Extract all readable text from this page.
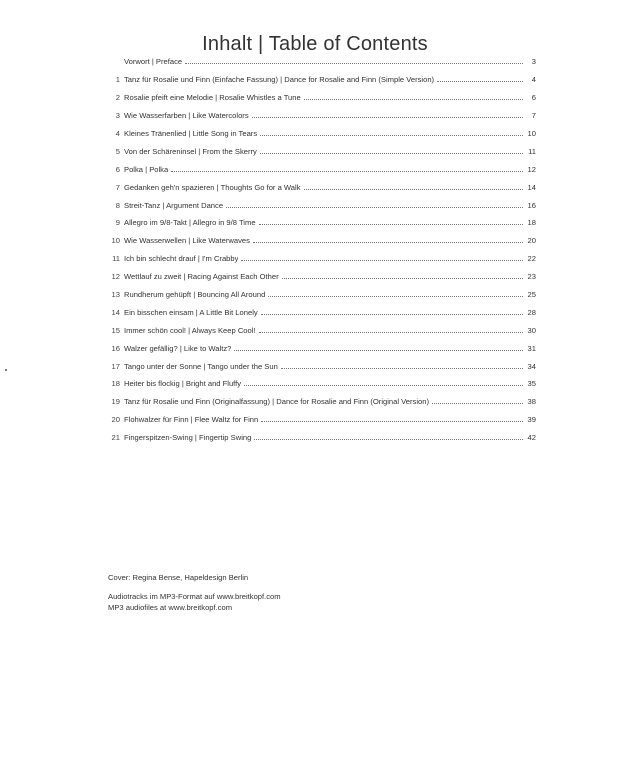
Inhalt | Table of Contents
Vorwort | Preface	3
1 Tanz für Rosalie und Finn (Einfache Fassung) | Dance for Rosalie and Finn (Simple Version)	4
2 Rosalie pfeift eine Melodie | Rosalie Whistles a Tune	6
3 Wie Wasserfarben | Like Watercolors	7
4 Kleines Tränenlied | Little Song in Tears	10
5 Von der Schäreninsel | From the Skerry	11
6 Polka | Polka	12
7 Gedanken geh'n spazieren | Thoughts Go for a Walk	14
8 Streit-Tanz | Argument Dance	16
9 Allegro im 9/8-Takt | Allegro in 9/8 Time	18
10 Wie Wasserwellen | Like Waterwaves	20
11 Ich bin schlecht drauf | I'm Crabby	22
12 Wettlauf zu zweit | Racing Against Each Other	23
13 Rundherum gehüpft | Bouncing All Around	25
14 Ein bisschen einsam | A Little Bit Lonely	28
15 Immer schön cool! | Always Keep Cool!	30
16 Walzer gefällig? | Like to Waltz?	31
17 Tango unter der Sonne | Tango under the Sun	34
18 Heiter bis flockig | Bright and Fluffy	35
19 Tanz für Rosalie und Finn (Originalfassung) | Dance for Rosalie and Finn (Original Version)	38
20 Flohwalzer für Finn | Flee Waltz for Finn	39
21 Fingerspitzen-Swing | Fingertip Swing	42
Cover: Regina Bense, Hapeldesign Berlin
Audiotracks im MP3-Format auf www.breitkopf.com
MP3 audiofiles at www.breitkopf.com
